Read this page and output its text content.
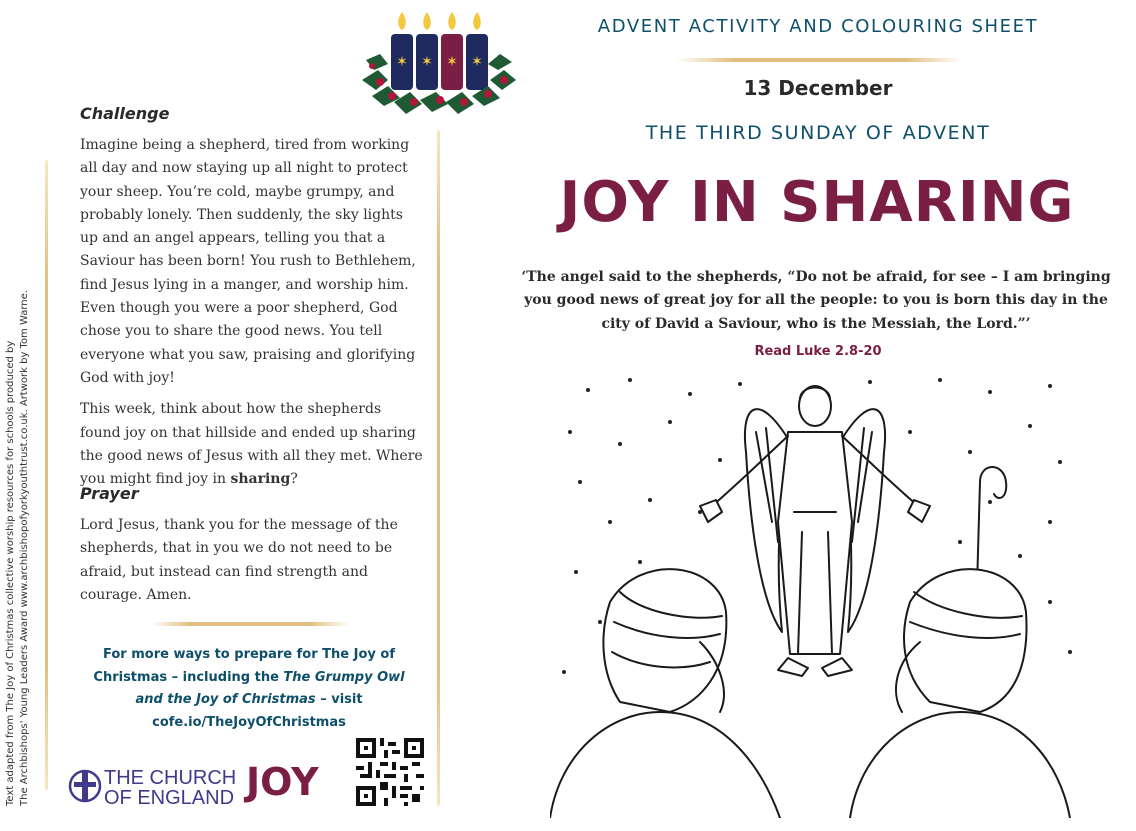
Text adapted from The Joy of Christmas collective worship resources for schools produced by The Archbishops' Young Leaders Award www.archbishopofyorkyouthtrust.co.uk. Artwork by Tom Warne.
✶ ✶ ✶ ✶
Challenge

Imagine being a shepherd, tired from working all day and now staying up all night to protect your sheep. You’re cold, maybe grumpy, and probably lonely. Then suddenly, the sky lights up and an angel appears, telling you that a Saviour has been born! You rush to Bethlehem, find Jesus lying in a manger, and worship him. Even though you were a poor shepherd, God chose you to share the good news. You tell everyone what you saw, praising and glorifying God with joy!

This week, think about how the shepherds found joy on that hillside and ended up sharing the good news of Jesus with all they met. Where you might find joy in sharing?

Prayer
Lord Jesus, thank you for the message of the shepherds, that in you we do not need to be afraid, but instead can find strength and courage. Amen.
For more ways to prepare for The Joy of Christmas – including the The Grumpy Owl and the Joy of Christmas – visit
cofe.io/TheJoyOfChristmas
THE CHURCH
OF ENGLAND JOY
ADVENT ACTIVITY AND COLOURING SHEET
13 December
THE THIRD SUNDAY OF ADVENT
JOY IN SHARING
‘The angel said to the shepherds, “Do not be afraid, for see – I am bringing you good news of great joy for all the people: to you is born this day in the city of David a Saviour, who is the Messiah, the Lord.”’
Read Luke 2.8-20
